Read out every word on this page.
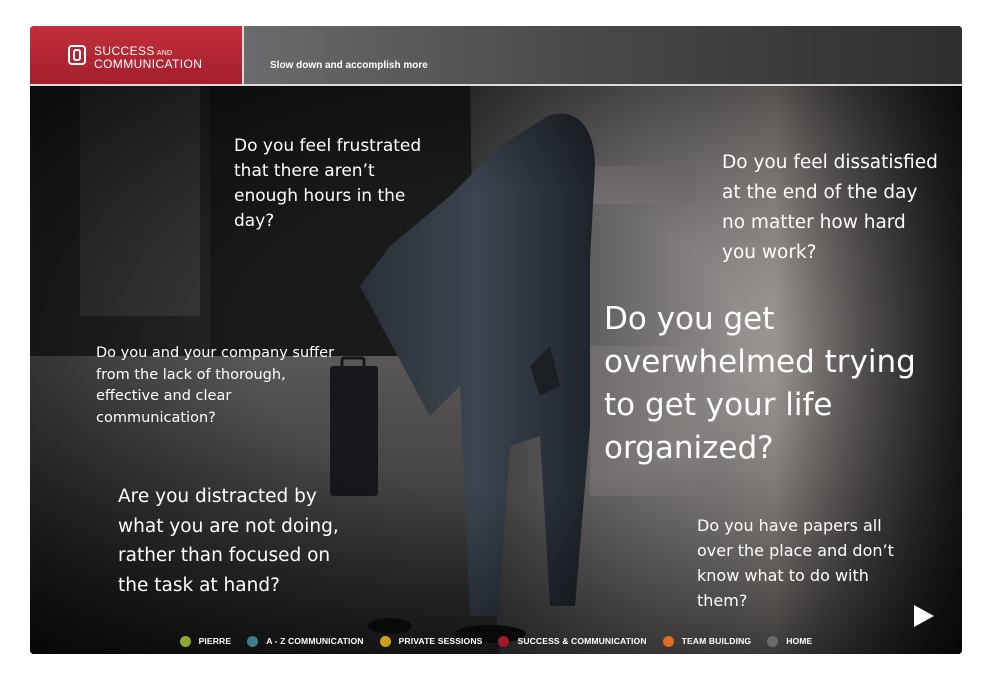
SUCCESS AND
COMMUNICATION	Slow down and accomplish more
Do you feel frustrated that there aren’t enough hours in the day?
Do you feel dissatisfied at the end of the day no matter how hard you work?
Do you get overwhelmed trying to get your life organized?
Do you and your company suffer from the lack of thorough, effective and clear communication?
Are you distracted by what you are not doing, rather than focused on the task at hand?
Do you have papers all over the place and don’t know what to do with them?
PIERRE	A - Z COMMUNICATION	PRIVATE SESSIONS	SUCCESS & COMMUNICATION	TEAM BUILDING	HOME
